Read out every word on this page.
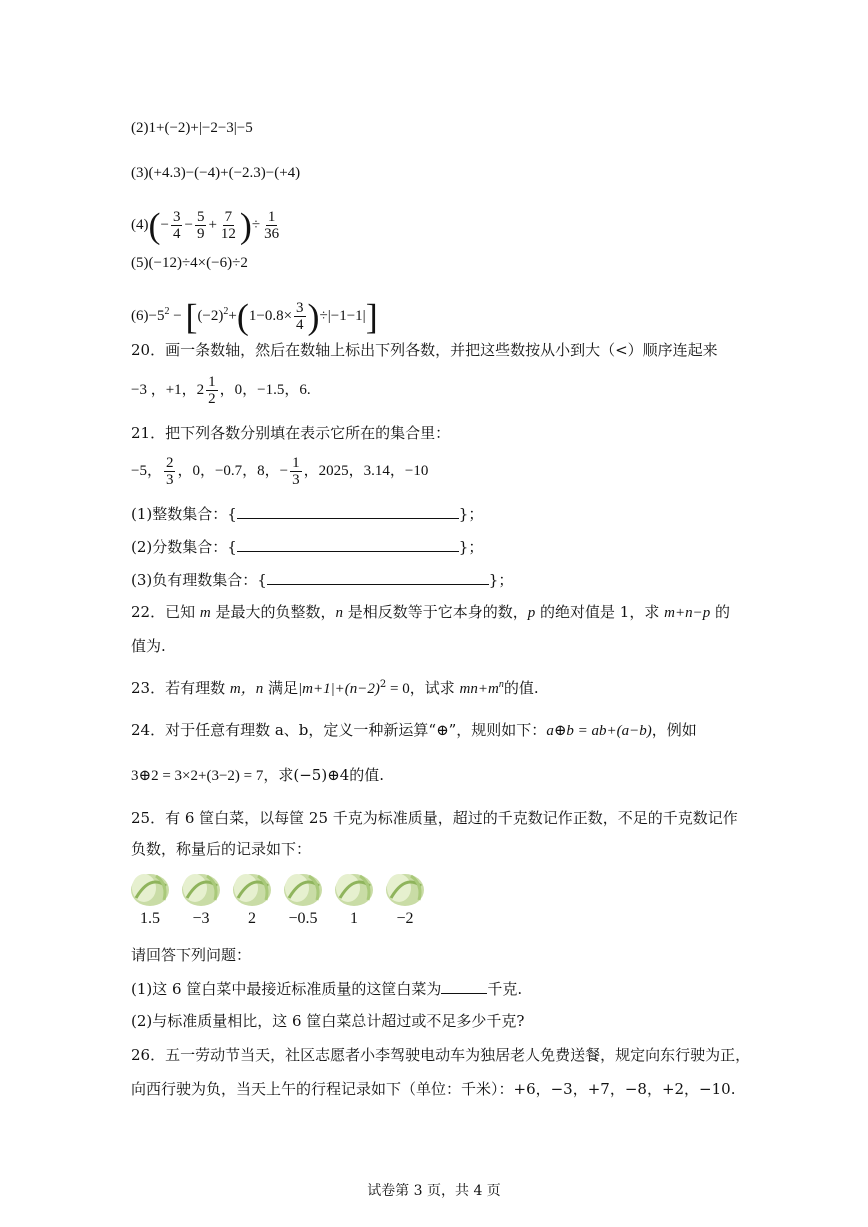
(2)1+(−2)+|−2−3|−5
(3)(+4.3)−(−4)+(−2.3)−(+4)
$(4)(- \frac{3}{4} - \frac{5}{9} + \frac{7}{12}$ )÷ $\frac{1}{36}$
(5)(−12)÷4×(−6)÷2
$(6)-5^2 - [(-2)^2+(1-0.8\times \frac{3}{4} )\div|-1-1|]$
20．画一条数轴，然后在数轴上标出下列各数，并把这些数按从小到大（<）顺序连起来
−3 ，+1，$2 \frac{1}{2}$ ，0，−1.5，6.
21．把下列各数分别填在表示它所在的集合里：
−5， $\frac{2}{3}$ ，0，−0.7，8，− $\frac{1}{3}$ ，2025，3.14，−10
(1)整数集合：{	}；
(2)分数集合：{	}；
(3)负有理数集合：{	}；
22．已知 m 是最大的负整数，n 是相反数等于它本身的数，p 的绝对值是 1，求 m+n−p 的
值为.
23．若有理数 m，n 满足$|m+1|+(n-2)^2 = 0$，试求 $mn+m^n$的值.
24．对于任意有理数 a、b，定义一种新运算“⊕”，规则如下：a⊕b = ab+(a−b)，例如
3⊕2 = 3×2+(3−2) = 7，求(−5)⊕4的值.
25．有 6 筐白菜，以每筐 25 千克为标准质量，超过的千克数记作正数，不足的千克数记作
负数，称量后的记录如下：
1.5	−3	2	−0.5	1	−2
请回答下列问题：
(1)这 6 筐白菜中最接近标准质量的这筐白菜为	千克.
(2)与标准质量相比，这 6 筐白菜总计超过或不足多少千克?
26．五一劳动节当天，社区志愿者小李驾驶电动车为独居老人免费送餐，规定向东行驶为正，
向西行驶为负，当天上午的行程记录如下（单位：千米）：+6，−3，+7，−8，+2，−10.
试卷第 3 页，共 4 页
